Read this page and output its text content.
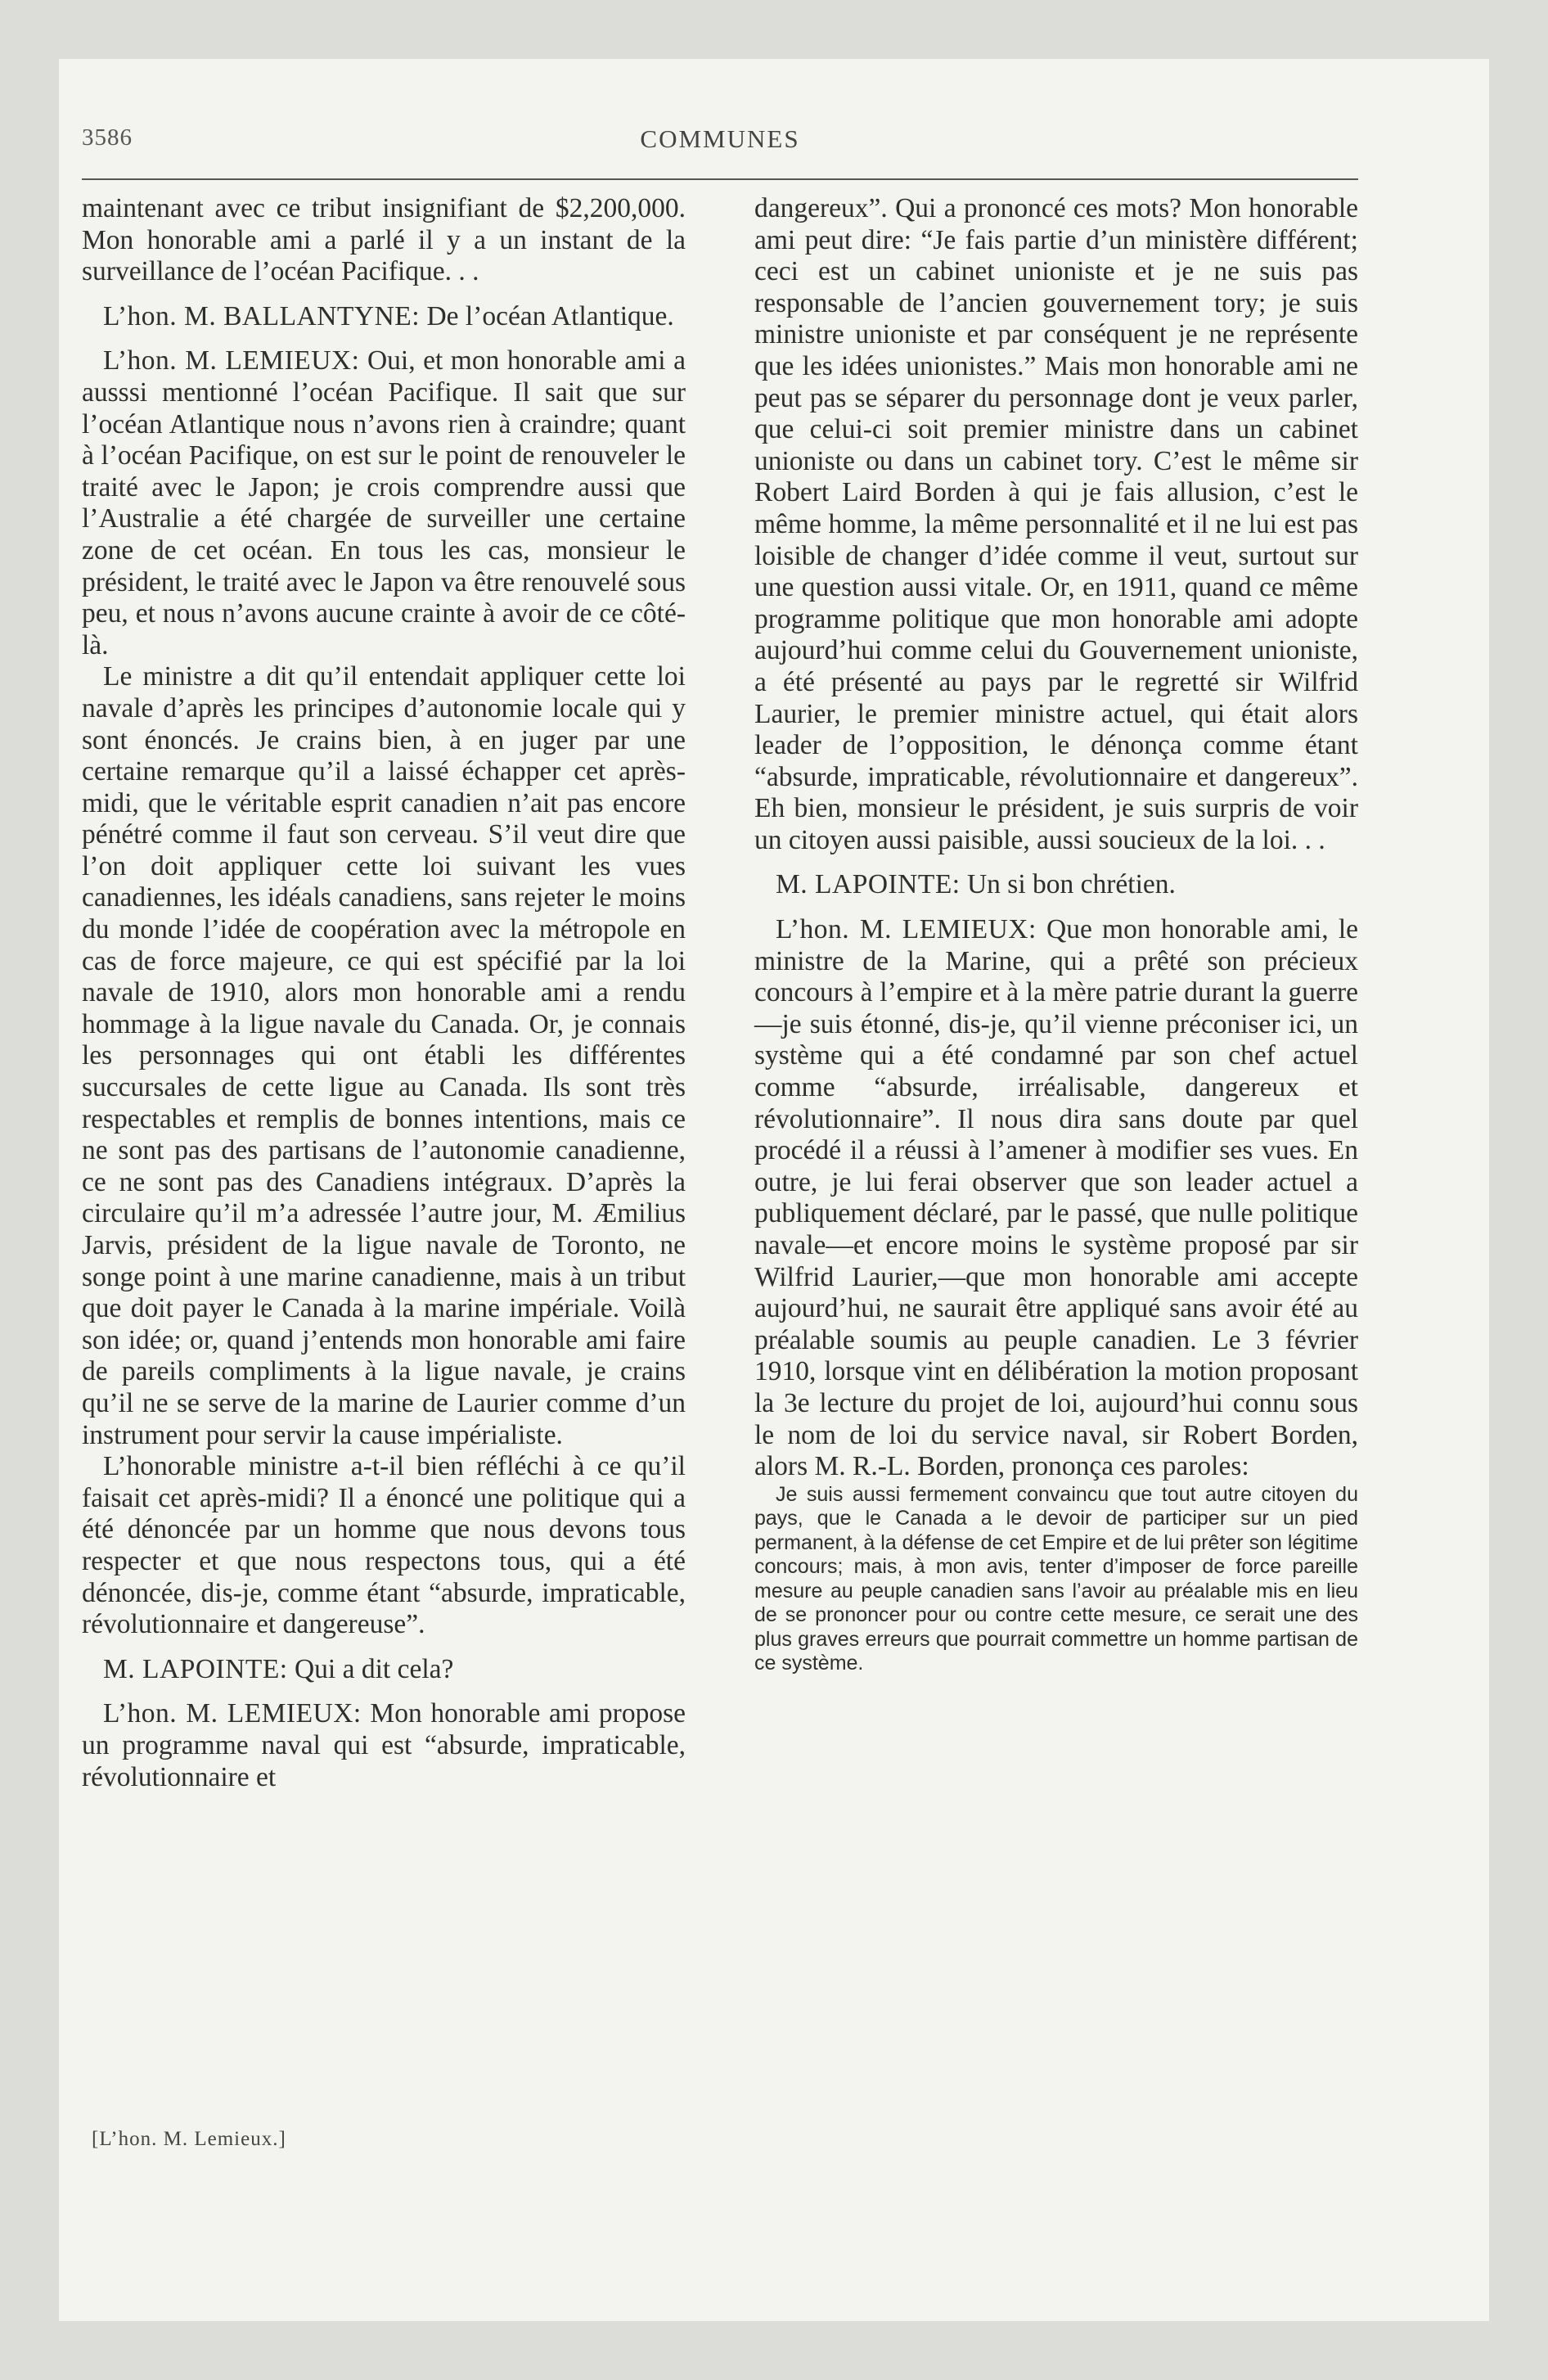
3586	COMMUNES

maintenant avec ce tribut insignifiant de $2,200,000. Mon honorable ami a parlé il y a un instant de la surveillance de l’océan Pacifique. . .

L’hon. M. BALLANTYNE: De l’océan Atlantique.

L’hon. M. LEMIEUX: Oui, et mon honorable ami a ausssi mentionné l’océan Pacifique. Il sait que sur l’océan Atlantique nous n’avons rien à craindre; quant à l’océan Pacifique, on est sur le point de renouveler le traité avec le Japon; je crois comprendre aussi que l’Australie a été chargée de surveiller une certaine zone de cet océan. En tous les cas, monsieur le président, le traité avec le Japon va être renouvelé sous peu, et nous n’avons aucune crainte à avoir de ce côté-là.

Le ministre a dit qu’il entendait appliquer cette loi navale d’après les principes d’autonomie locale qui y sont énoncés. Je crains bien, à en juger par une certaine remarque qu’il a laissé échapper cet après-midi, que le véritable esprit canadien n’ait pas encore pénétré comme il faut son cerveau. S’il veut dire que l’on doit appliquer cette loi suivant les vues canadiennes, les idéals canadiens, sans rejeter le moins du monde l’idée de coopération avec la métropole en cas de force majeure, ce qui est spécifié par la loi navale de 1910, alors mon honorable ami a rendu hommage à la ligue navale du Canada. Or, je connais les personnages qui ont établi les différentes succursales de cette ligue au Canada. Ils sont très respectables et remplis de bonnes intentions, mais ce ne sont pas des partisans de l’autonomie canadienne, ce ne sont pas des Canadiens intégraux. D’après la circulaire qu’il m’a adressée l’autre jour, M. Æmilius Jarvis, président de la ligue navale de Toronto, ne songe point à une marine canadienne, mais à un tribut que doit payer le Canada à la marine impériale. Voilà son idée; or, quand j’entends mon honorable ami faire de pareils compliments à la ligue navale, je crains qu’il ne se serve de la marine de Laurier comme d’un instrument pour servir la cause impérialiste.

L’honorable ministre a-t-il bien réfléchi à ce qu’il faisait cet après-midi? Il a énoncé une politique qui a été dénoncée par un homme que nous devons tous respecter et que nous respectons tous, qui a été dénoncée, dis-je, comme étant “absurde, impraticable, révolutionnaire et dangereuse”.

M. LAPOINTE: Qui a dit cela?

L’hon. M. LEMIEUX: Mon honorable ami propose un programme naval qui est “absurde, impraticable, révolutionnaire et

dangereux”. Qui a prononcé ces mots? Mon honorable ami peut dire: “Je fais partie d’un ministère différent; ceci est un cabinet unioniste et je ne suis pas responsable de l’ancien gouvernement tory; je suis ministre unioniste et par conséquent je ne représente que les idées unionistes.” Mais mon honorable ami ne peut pas se séparer du personnage dont je veux parler, que celui-ci soit premier ministre dans un cabinet unioniste ou dans un cabinet tory. C’est le même sir Robert Laird Borden à qui je fais allusion, c’est le même homme, la même personnalité et il ne lui est pas loisible de changer d’idée comme il veut, surtout sur une question aussi vitale. Or, en 1911, quand ce même programme politique que mon honorable ami adopte aujourd’hui comme celui du Gouvernement unioniste, a été présenté au pays par le regretté sir Wilfrid Laurier, le premier ministre actuel, qui était alors leader de l’opposition, le dénonça comme étant “absurde, impraticable, révolutionnaire et dangereux”. Eh bien, monsieur le président, je suis surpris de voir un citoyen aussi paisible, aussi soucieux de la loi. . .

M. LAPOINTE: Un si bon chrétien.

L’hon. M. LEMIEUX: Que mon honorable ami, le ministre de la Marine, qui a prêté son précieux concours à l’empire et à la mère patrie durant la guerre—je suis étonné, dis-je, qu’il vienne préconiser ici, un système qui a été condamné par son chef actuel comme “absurde, irréalisable, dangereux et révolutionnaire”. Il nous dira sans doute par quel procédé il a réussi à l’amener à modifier ses vues. En outre, je lui ferai observer que son leader actuel a publiquement déclaré, par le passé, que nulle politique navale—et encore moins le système proposé par sir Wilfrid Laurier,—que mon honorable ami accepte aujourd’hui, ne saurait être appliqué sans avoir été au préalable soumis au peuple canadien. Le 3 février 1910, lorsque vint en délibération la motion proposant la 3e lecture du projet de loi, aujourd’hui connu sous le nom de loi du service naval, sir Robert Borden, alors M. R.-L. Borden, prononça ces paroles:

Je suis aussi fermement convaincu que tout autre citoyen du pays, que le Canada a le devoir de participer sur un pied permanent, à la défense de cet Empire et de lui prêter son légitime concours; mais, à mon avis, tenter d’imposer de force pareille mesure au peuple canadien sans l’avoir au préalable mis en lieu de se prononcer pour ou contre cette mesure, ce serait une des plus graves erreurs que pourrait commettre un homme partisan de ce système.

[L’hon. M. Lemieux.]
